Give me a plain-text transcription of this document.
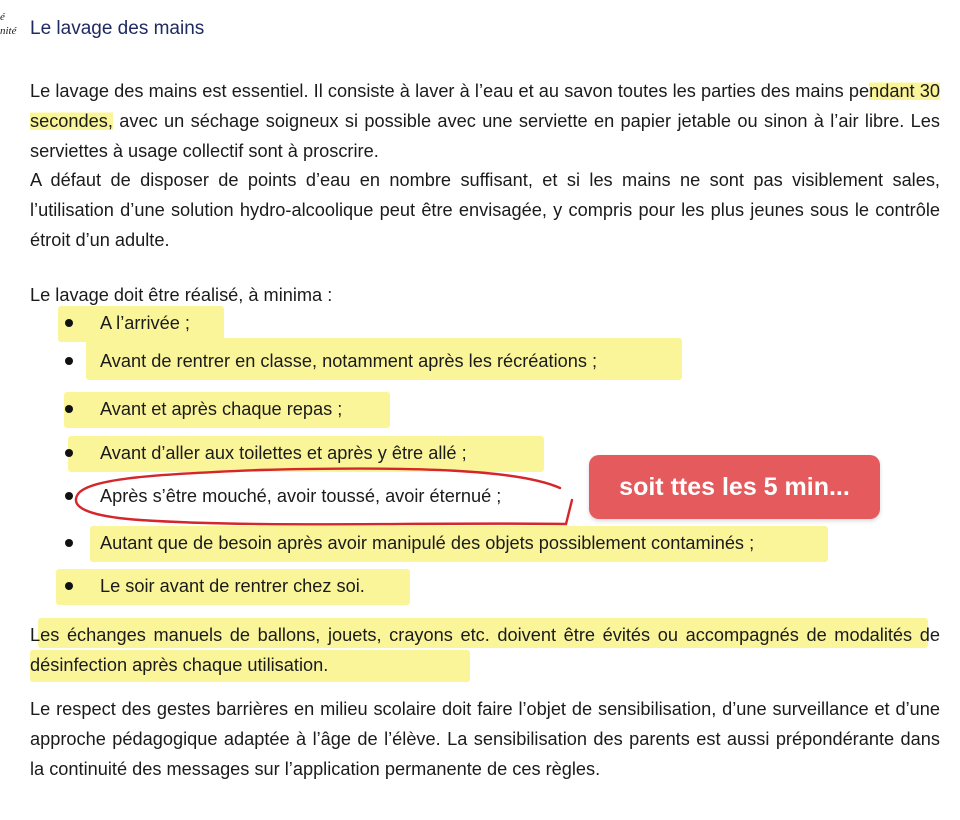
é
nité Le lavage des mains

Le lavage des mains est essentiel. Il consiste à laver à l’eau et au savon toutes les parties des mains pendant 30 secondes, avec un séchage soigneux si possible avec une serviette en papier jetable ou sinon à l’air libre. Les serviettes à usage collectif sont à proscrire.

A défaut de disposer de points d’eau en nombre suffisant, et si les mains ne sont pas visiblement sales, l’utilisation d’une solution hydro-alcoolique peut être envisagée, y compris pour les plus jeunes sous le contrôle étroit d’un adulte.

Le lavage doit être réalisé, à minima :

A l’arrivée ;
Avant de rentrer en classe, notamment après les récréations ;
Avant et après chaque repas ;
Avant d’aller aux toilettes et après y être allé ;
Après s’être mouché, avoir toussé, avoir éternué ;
Autant que de besoin après avoir manipulé des objets possiblement contaminés ;
Le soir avant de rentrer chez soi.

Les échanges manuels de ballons, jouets, crayons etc. doivent être évités ou accompagnés de modalités de désinfection après chaque utilisation.

Le respect des gestes barrières en milieu scolaire doit faire l’objet de sensibilisation, d’une surveillance et d’une approche pédagogique adaptée à l’âge de l’élève. La sensibilisation des parents est aussi prépondérante dans la continuité des messages sur l’application permanente de ces règles.

soit ttes les 5 min...
